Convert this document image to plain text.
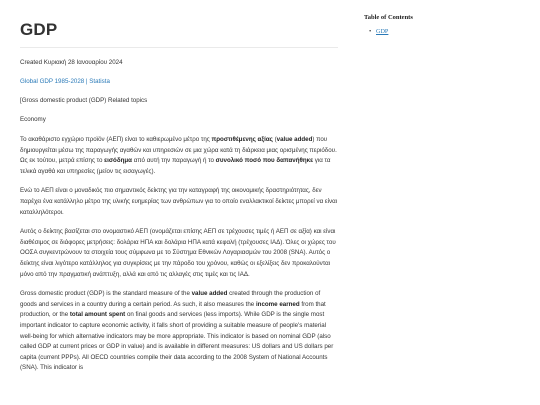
GDP
Created Κυριακή 28 Ιανουαρίου 2024
Global GDP 1985-2028 | Statista
[Gross domestic product (GDP) Related topics
Economy

Το ακαθάριστο εγχώριο προϊόν (ΑΕΠ) είναι το καθιερωμένο μέτρο της προστιθέμενης αξίας (value added) που δημιουργείται μέσω της παραγωγής αγαθών και υπηρεσιών σε μια χώρα κατά τη διάρκεια μιας ορισμένης περιόδου. Ως εκ τούτου, μετρά επίσης το εισόδημα από αυτή την παραγωγή ή το συνολικό ποσό που δαπανήθηκε για τα τελικά αγαθά και υπηρεσίες (μείον τις εισαγωγές).

Ενώ το ΑΕΠ είναι ο μοναδικός πιο σημαντικός δείκτης για την καταγραφή της οικονομικής δραστηριότητας, δεν παρέχει ένα κατάλληλο μέτρο της υλικής ευημερίας των ανθρώπων για το οποίο εναλλακτικοί δείκτες μπορεί να είναι καταλληλότεροι.

Αυτός ο δείκτης βασίζεται στο ονομαστικό ΑΕΠ (ονομάζεται επίσης ΑΕΠ σε τρέχουσες τιμές ή ΑΕΠ σε αξία) και είναι διαθέσιμος σε διάφορες μετρήσεις: δολάρια ΗΠΑ και δολάρια ΗΠΑ κατά κεφαλή (τρέχουσες ΙΑΔ). Όλες οι χώρες του ΟΟΣΑ συγκεντρώνουν τα στοιχεία τους σύμφωνα με το Σύστημα Εθνικών Λογαριασμών του 2008 (SNA). Αυτός ο δείκτης είναι λιγότερο κατάλληλος για συγκρίσεις με την πάροδο του χρόνου, καθώς οι εξελίξεις δεν προκαλούνται μόνο από την πραγματική ανάπτυξη, αλλά και από τις αλλαγές στις τιμές και τις ΙΑΔ.

Gross domestic product (GDP) is the standard measure of the value added created through the production of goods and services in a country during a certain period. As such, it also measures the income earned from that production, or the total amount spent on final goods and services (less imports). While GDP is the single most important indicator to capture economic activity, it falls short of providing a suitable measure of people's material well-being for which alternative indicators may be more appropriate. This indicator is based on nominal GDP (also called GDP at current prices or GDP in value) and is available in different measures: US dollars and US dollars per capita (current PPPs). All OECD countries compile their data according to the 2008 System of National Accounts (SNA). This indicator is

Table of Contents
• GDP
